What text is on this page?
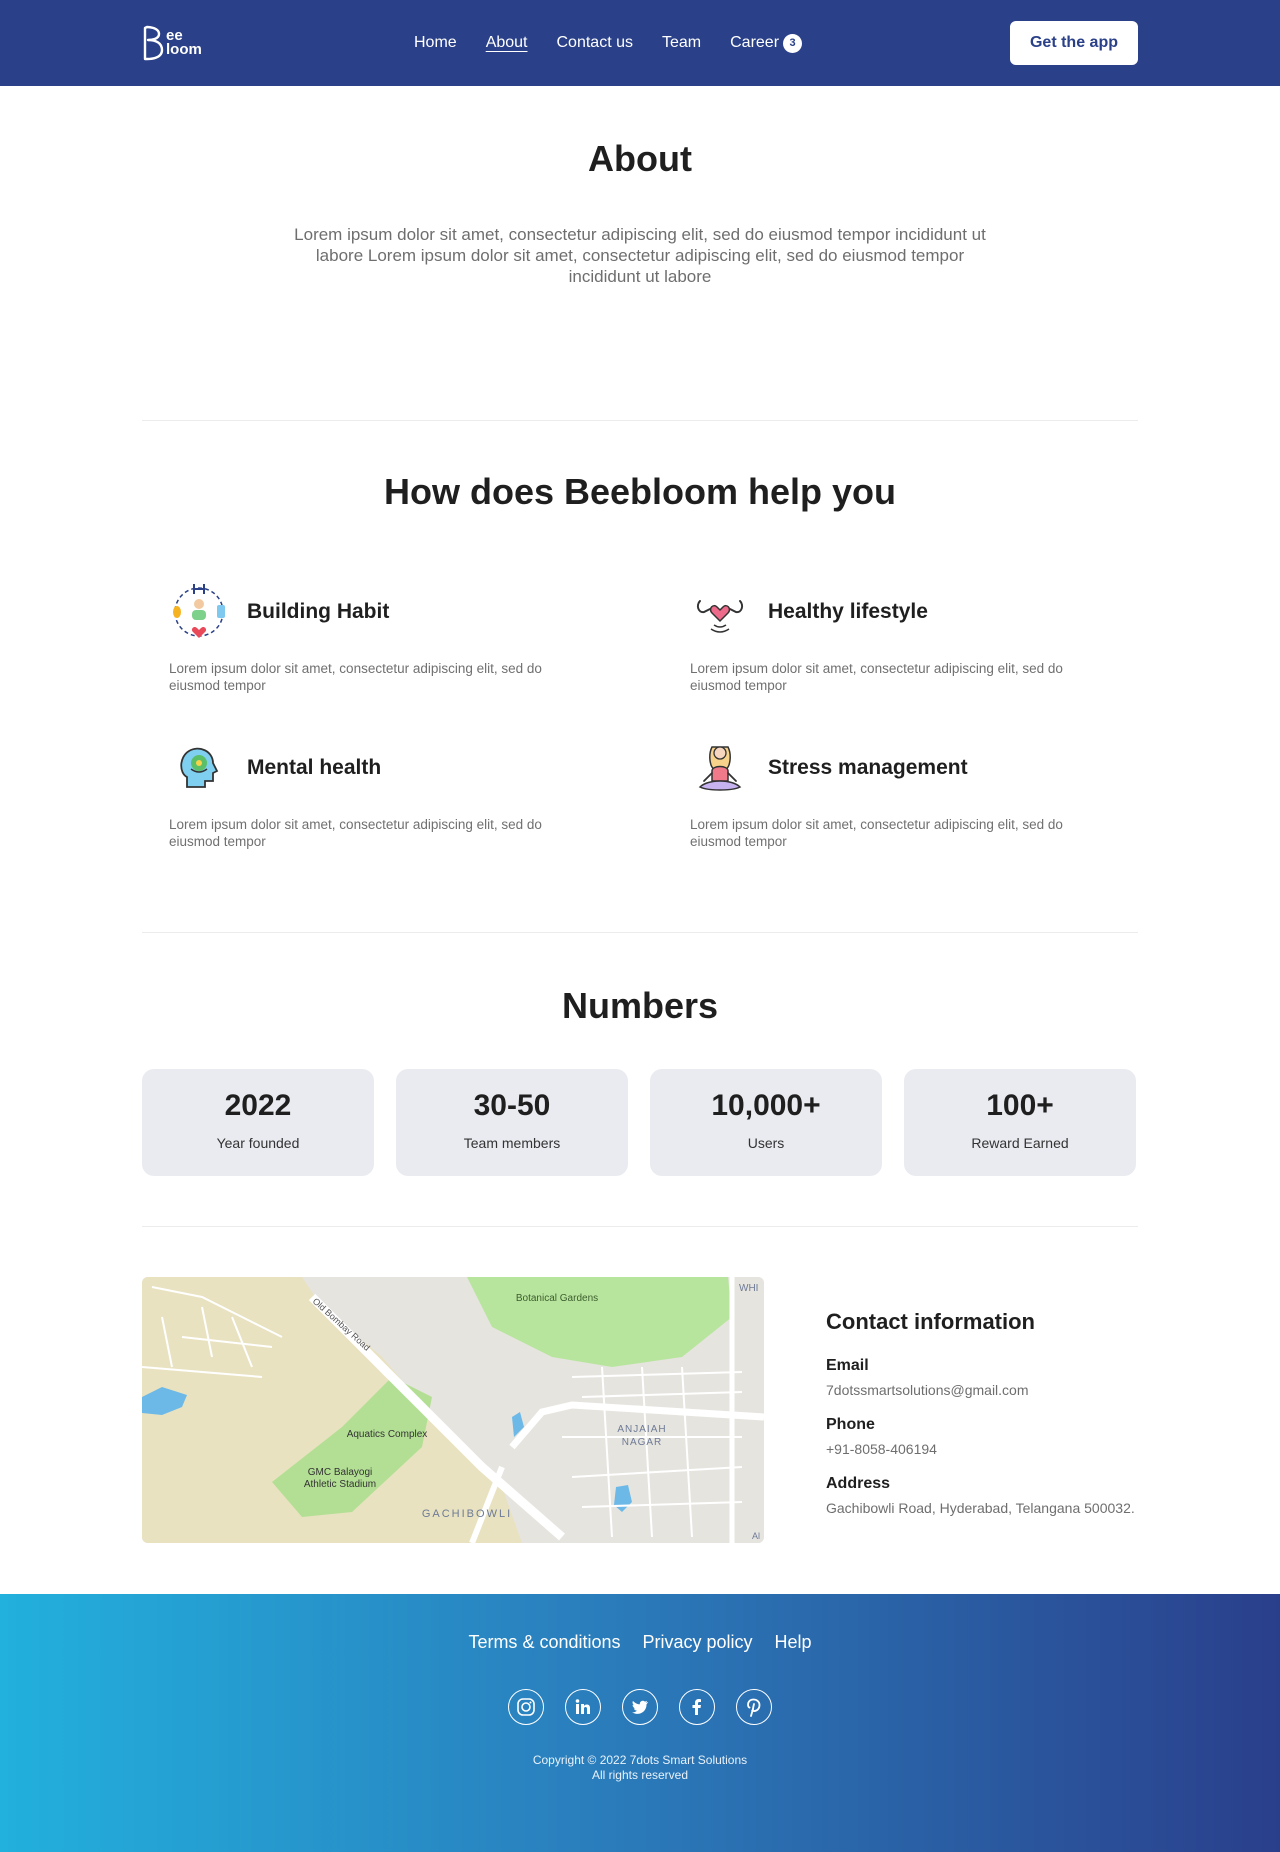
ee
loom	Home About Contact us Team Career 3	Get the app
About

Lorem ipsum dolor sit amet, consectetur adipiscing elit, sed do eiusmod tempor incididunt ut labore Lorem ipsum dolor sit amet, consectetur adipiscing elit, sed do eiusmod tempor incididunt ut labore

How does Beebloom help you
Building Habit

Lorem ipsum dolor sit amet, consectetur adipiscing elit, sed do eiusmod tempor

Healthy lifestyle

Lorem ipsum dolor sit amet, consectetur adipiscing elit, sed do eiusmod tempor

Mental health

Lorem ipsum dolor sit amet, consectetur adipiscing elit, sed do eiusmod tempor

Stress management

Lorem ipsum dolor sit amet, consectetur adipiscing elit, sed do eiusmod tempor

Numbers
2022
Year founded
30-50
Team members
10,000+
Users
100+
Reward Earned
Botanical Gardens
Old Bombay Road
Aquatics Complex
GMC Balayogi
Athletic Stadium
ANJAIAH
NAGAR
GACHIBOWLI
WHI
Al
Contact information
Email
7dotssmartsolutions@gmail.com
Phone
+91-8058-406194
Address
Gachibowli Road, Hyderabad, Telangana 500032.
Terms & conditions Privacy policy Help
Copyright © 2022 7dots Smart Solutions
All rights reserved
